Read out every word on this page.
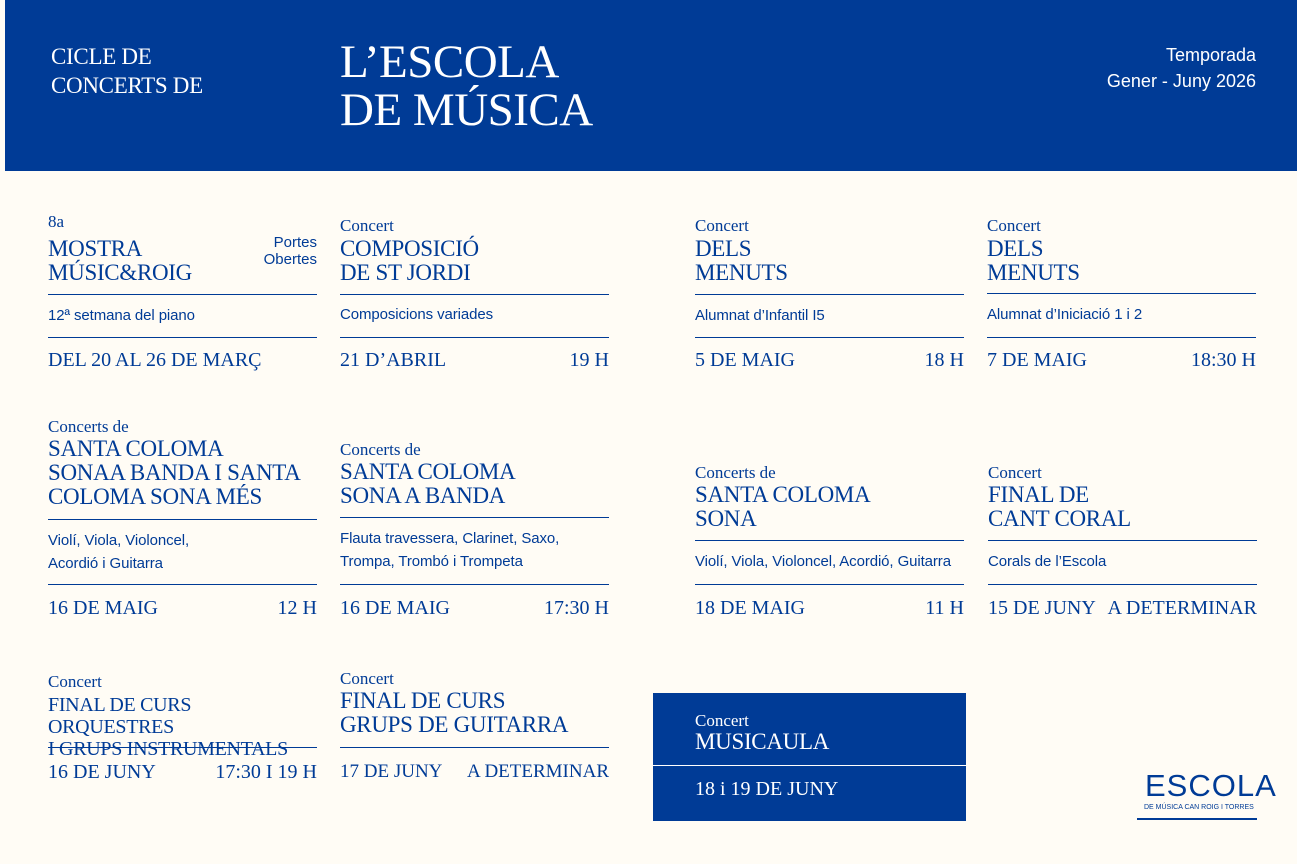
CICLE DE
CONCERTS DE	L’ESCOLA
DE MÚSICA
Temporada
Gener - Juny 2026
8a
MOSTRA
MÚSIC&ROIG
Portes
Obertes
12ª setmana del piano
DEL 20 AL 26 DE MARÇ
Concert
COMPOSICIÓ
DE ST JORDI
Composicions variades
21 D’ABRIL	19 H
Concert
DELS
MENUTS
Alumnat d’Infantil I5
5 DE MAIG	18 H
Concert
DELS
MENUTS
Alumnat d’Iniciació 1 i 2
7 DE MAIG	18:30 H
Concerts de
SANTA COLOMA
SONAA BANDA I SANTA
COLOMA SONA MÉS
Violí, Viola, Violoncel,
Acordió i Guitarra
16 DE MAIG	12 H
Concerts de
SANTA COLOMA
SONA A BANDA
Flauta travessera, Clarinet, Saxo,
Trompa, Trombó i Trompeta
16 DE MAIG	17:30 H
Concerts de
SANTA COLOMA
SONA
Violí, Viola, Violoncel, Acordió, Guitarra
18 DE MAIG	11 H
Concert
FINAL DE
CANT CORAL
Corals de l’Escola
15 DE JUNY A DETERMINAR
Concert
FINAL DE CURS ORQUESTRES
I GRUPS INSTRUMENTALS
16 DE JUNY	17:30 I 19 H
Concert
FINAL DE CURS
GRUPS DE GUITARRA
17 DE JUNY A DETERMINAR
Concert
MUSICAULA
18 i 19 DE JUNY	ESCOLA
DE MÚSICA CAN ROIG I TORRES
